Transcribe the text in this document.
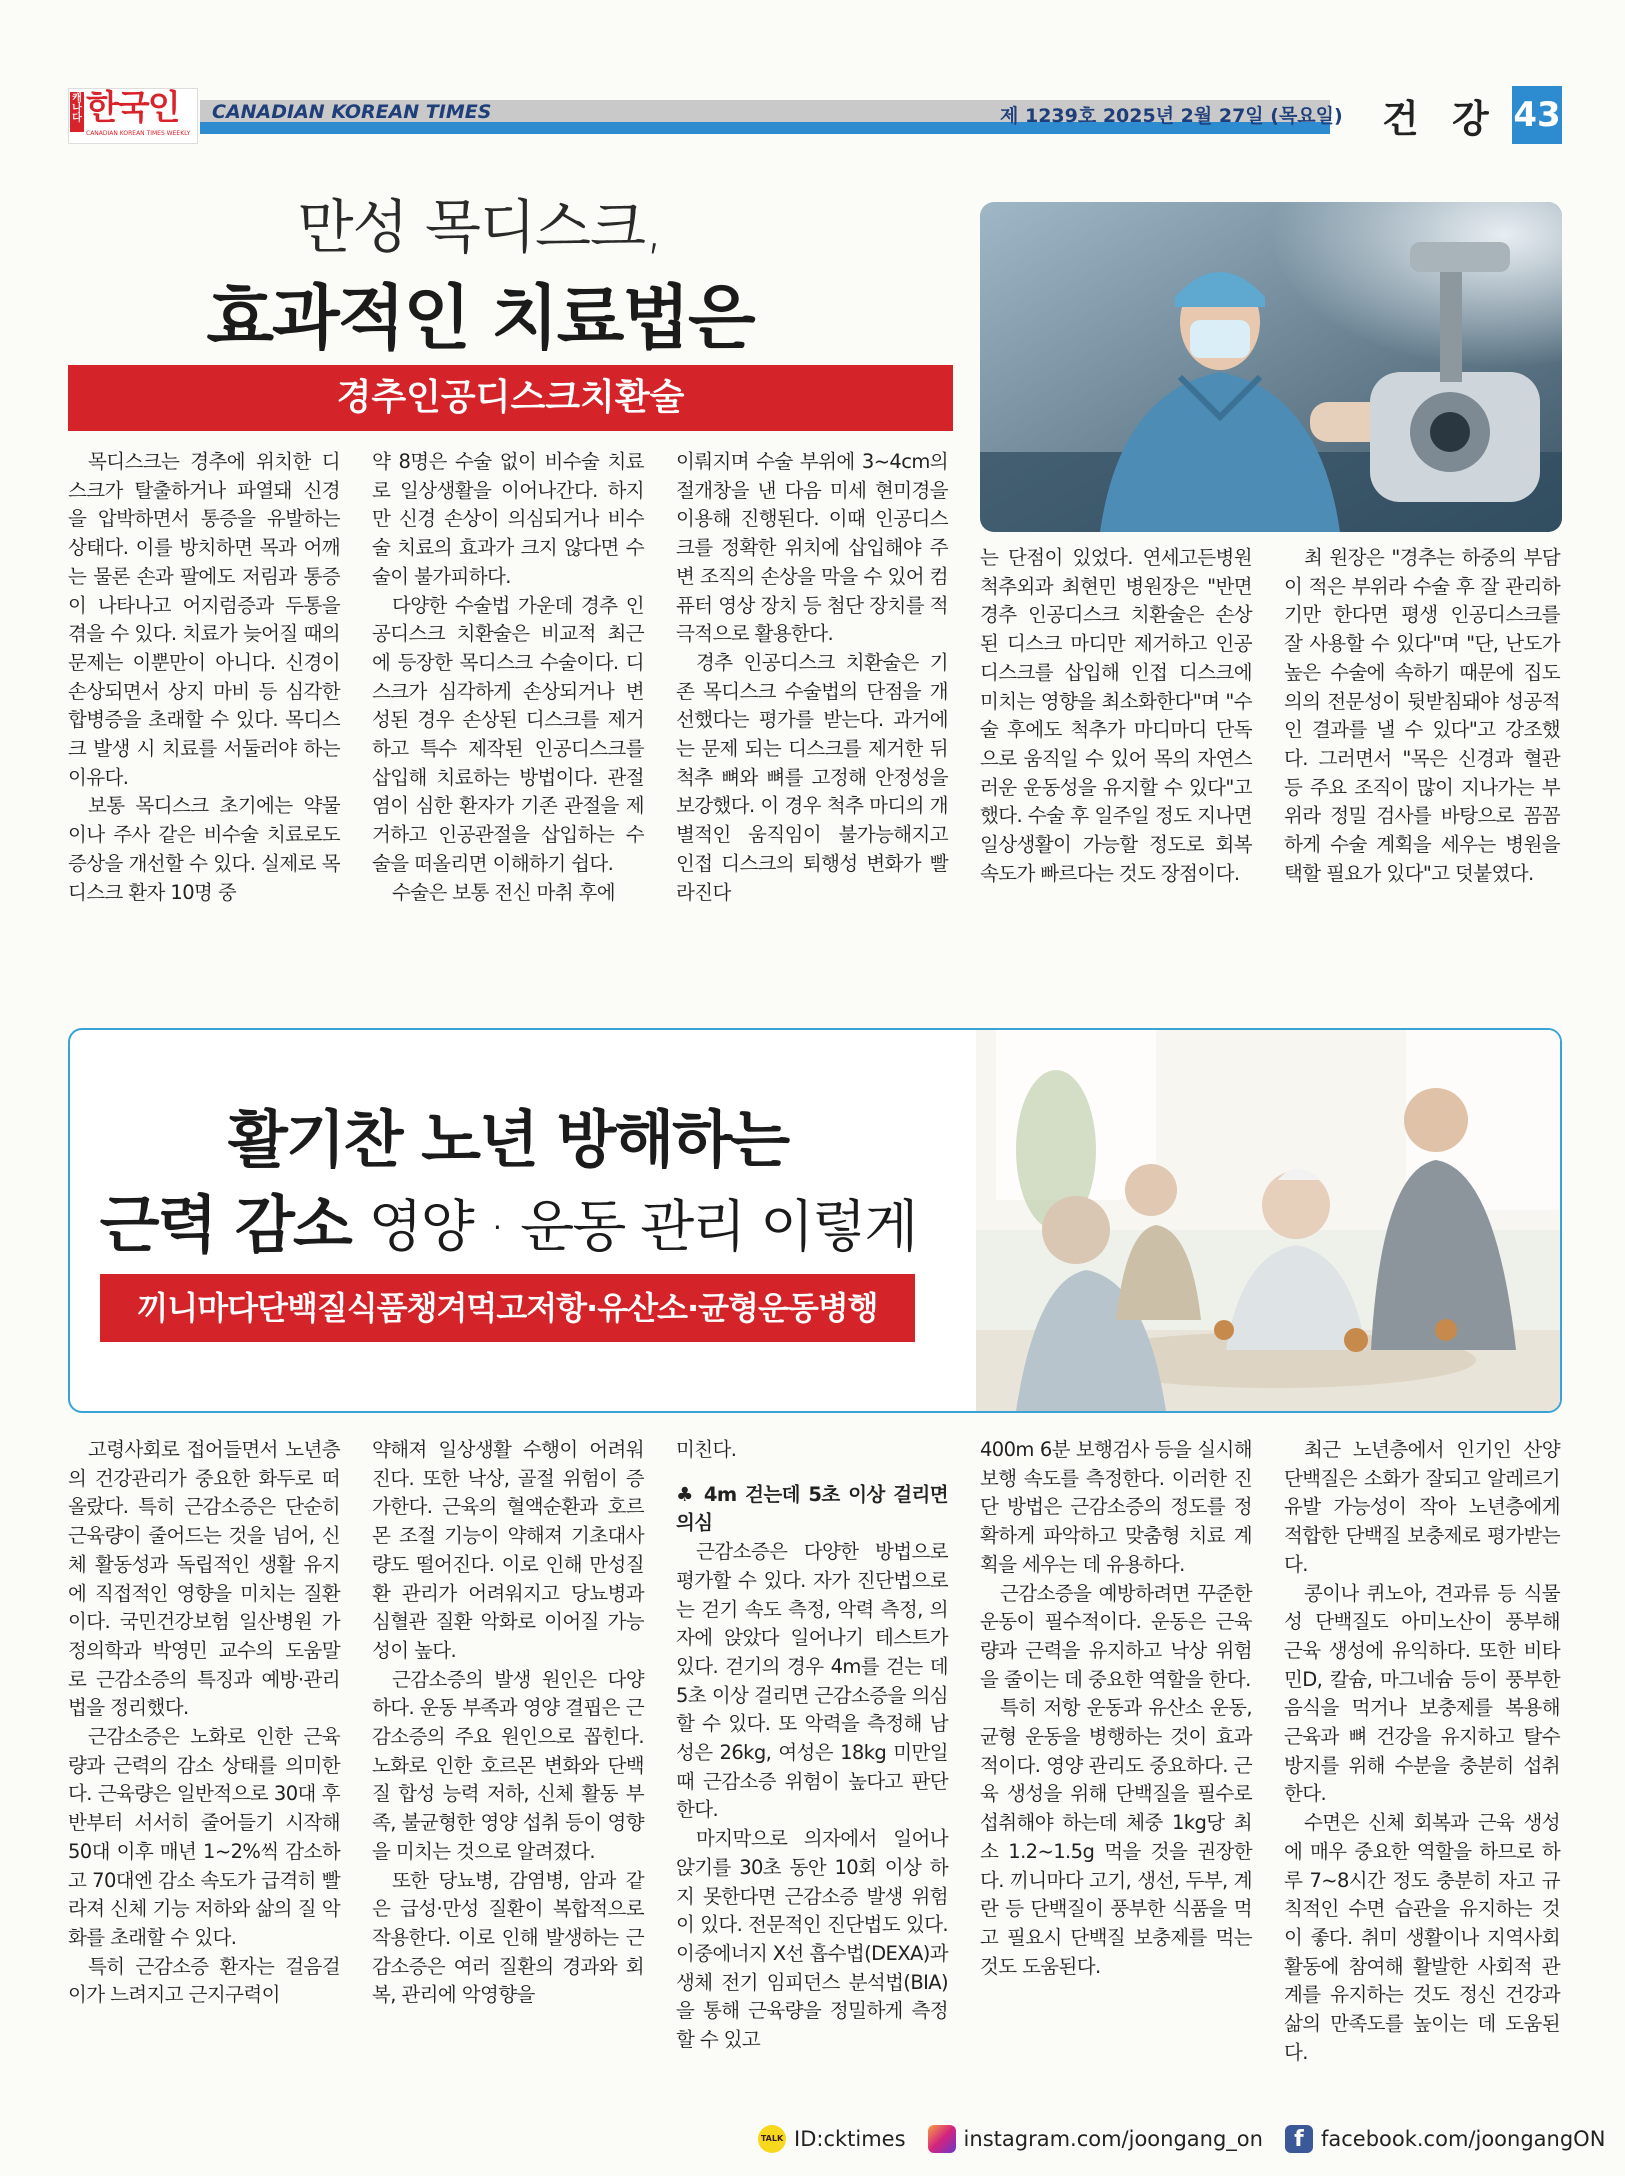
캐나다 한국인
CANADIAN KOREAN TIMES WEEKLY
CANADIAN KOREAN TIMES	제 1239호 2025년 2월 27일 (목요일) 건 강 43
만성 목디스크,
효과적인 치료법은
경추인공디스크치환술

목디스크는 경추에 위치한 디스크가 탈출하거나 파열돼 신경을 압박하면서 통증을 유발하는 상태다. 이를 방치하면 목과 어깨는 물론 손과 팔에도 저림과 통증이 나타나고 어지럼증과 두통을 겪을 수 있다. 치료가 늦어질 때의 문제는 이뿐만이 아니다. 신경이 손상되면서 상지 마비 등 심각한 합병증을 초래할 수 있다. 목디스크 발생 시 치료를 서둘러야 하는 이유다.

보통 목디스크 초기에는 약물이나 주사 같은 비수술 치료로도 증상을 개선할 수 있다. 실제로 목디스크 환자 10명 중

약 8명은 수술 없이 비수술 치료로 일상생활을 이어나간다. 하지만 신경 손상이 의심되거나 비수술 치료의 효과가 크지 않다면 수술이 불가피하다.

다양한 수술법 가운데 경추 인공디스크 치환술은 비교적 최근에 등장한 목디스크 수술이다. 디스크가 심각하게 손상되거나 변성된 경우 손상된 디스크를 제거하고 특수 제작된 인공디스크를 삽입해 치료하는 방법이다. 관절염이 심한 환자가 기존 관절을 제거하고 인공관절을 삽입하는 수술을 떠올리면 이해하기 쉽다.

수술은 보통 전신 마취 후에

이뤄지며 수술 부위에 3~4cm의 절개창을 낸 다음 미세 현미경을 이용해 진행된다. 이때 인공디스크를 정확한 위치에 삽입해야 주변 조직의 손상을 막을 수 있어 컴퓨터 영상 장치 등 첨단 장치를 적극적으로 활용한다.

경추 인공디스크 치환술은 기존 목디스크 수술법의 단점을 개선했다는 평가를 받는다. 과거에는 문제 되는 디스크를 제거한 뒤 척추 뼈와 뼈를 고정해 안정성을 보강했다. 이 경우 척추 마디의 개별적인 움직임이 불가능해지고 인접 디스크의 퇴행성 변화가 빨라진다

는 단점이 있었다. 연세고든병원 척추외과 최현민 병원장은 "반면 경추 인공디스크 치환술은 손상된 디스크 마디만 제거하고 인공디스크를 삽입해 인접 디스크에 미치는 영향을 최소화한다"며 "수술 후에도 척추가 마디마디 단독으로 움직일 수 있어 목의 자연스러운 운동성을 유지할 수 있다"고 했다. 수술 후 일주일 정도 지나면 일상생활이 가능할 정도로 회복 속도가 빠르다는 것도 장점이다.

최 원장은 "경추는 하중의 부담이 적은 부위라 수술 후 잘 관리하기만 한다면 평생 인공디스크를 잘 사용할 수 있다"며 "단, 난도가 높은 수술에 속하기 때문에 집도의의 전문성이 뒷받침돼야 성공적인 결과를 낼 수 있다"고 강조했다. 그러면서 "목은 신경과 혈관 등 주요 조직이 많이 지나가는 부위라 정밀 검사를 바탕으로 꼼꼼하게 수술 계획을 세우는 병원을 택할 필요가 있다"고 덧붙였다.

활기찬 노년 방해하는
근력 감소 영양 · 운동 관리 이렇게
끼니마다단백질식품챙겨먹고저항·유산소·균형운동병행

고령사회로 접어들면서 노년층의 건강관리가 중요한 화두로 떠올랐다. 특히 근감소증은 단순히 근육량이 줄어드는 것을 넘어, 신체 활동성과 독립적인 생활 유지에 직접적인 영향을 미치는 질환이다. 국민건강보험 일산병원 가정의학과 박영민 교수의 도움말로 근감소증의 특징과 예방·관리법을 정리했다.

근감소증은 노화로 인한 근육량과 근력의 감소 상태를 의미한다. 근육량은 일반적으로 30대 후반부터 서서히 줄어들기 시작해 50대 이후 매년 1~2%씩 감소하고 70대엔 감소 속도가 급격히 빨라져 신체 기능 저하와 삶의 질 악화를 초래할 수 있다.

특히 근감소증 환자는 걸음걸이가 느려지고 근지구력이

약해져 일상생활 수행이 어려워진다. 또한 낙상, 골절 위험이 증가한다. 근육의 혈액순환과 호르몬 조절 기능이 약해져 기초대사량도 떨어진다. 이로 인해 만성질환 관리가 어려워지고 당뇨병과 심혈관 질환 악화로 이어질 가능성이 높다.

근감소증의 발생 원인은 다양하다. 운동 부족과 영양 결핍은 근감소증의 주요 원인으로 꼽힌다. 노화로 인한 호르몬 변화와 단백질 합성 능력 저하, 신체 활동 부족, 불균형한 영양 섭취 등이 영향을 미치는 것으로 알려졌다.

또한 당뇨병, 감염병, 암과 같은 급성·만성 질환이 복합적으로 작용한다. 이로 인해 발생하는 근감소증은 여러 질환의 경과와 회복, 관리에 악영향을

미친다.

♣ 4m 걷는데 5초 이상 걸리면 의심

근감소증은 다양한 방법으로 평가할 수 있다. 자가 진단법으로는 걷기 속도 측정, 악력 측정, 의자에 앉았다 일어나기 테스트가 있다. 걷기의 경우 4m를 걷는 데 5초 이상 걸리면 근감소증을 의심할 수 있다. 또 악력을 측정해 남성은 26kg, 여성은 18kg 미만일 때 근감소증 위험이 높다고 판단한다.

마지막으로 의자에서 일어나 앉기를 30초 동안 10회 이상 하지 못한다면 근감소증 발생 위험이 있다. 전문적인 진단법도 있다. 이중에너지 X선 흡수법(DEXA)과 생체 전기 임피던스 분석법(BIA)을 통해 근육량을 정밀하게 측정할 수 있고

400m 6분 보행검사 등을 실시해 보행 속도를 측정한다. 이러한 진단 방법은 근감소증의 정도를 정확하게 파악하고 맞춤형 치료 계획을 세우는 데 유용하다.

근감소증을 예방하려면 꾸준한 운동이 필수적이다. 운동은 근육량과 근력을 유지하고 낙상 위험을 줄이는 데 중요한 역할을 한다.

특히 저항 운동과 유산소 운동, 균형 운동을 병행하는 것이 효과적이다. 영양 관리도 중요하다. 근육 생성을 위해 단백질을 필수로 섭취해야 하는데 체중 1kg당 최소 1.2~1.5g 먹을 것을 권장한다. 끼니마다 고기, 생선, 두부, 계란 등 단백질이 풍부한 식품을 먹고 필요시 단백질 보충제를 먹는 것도 도움된다.

최근 노년층에서 인기인 산양 단백질은 소화가 잘되고 알레르기 유발 가능성이 작아 노년층에게 적합한 단백질 보충제로 평가받는다.

콩이나 퀴노아, 견과류 등 식물성 단백질도 아미노산이 풍부해 근육 생성에 유익하다. 또한 비타민D, 칼슘, 마그네슘 등이 풍부한 음식을 먹거나 보충제를 복용해 근육과 뼈 건강을 유지하고 탈수 방지를 위해 수분을 충분히 섭취한다.

수면은 신체 회복과 근육 생성에 매우 중요한 역할을 하므로 하루 7~8시간 정도 충분히 자고 규칙적인 수면 습관을 유지하는 것이 좋다. 취미 생활이나 지역사회 활동에 참여해 활발한 사회적 관계를 유지하는 것도 정신 건강과 삶의 만족도를 높이는 데 도움된다.

TALK ID:cktimes	instagram.com/joongang_on	f facebook.com/joongangON
